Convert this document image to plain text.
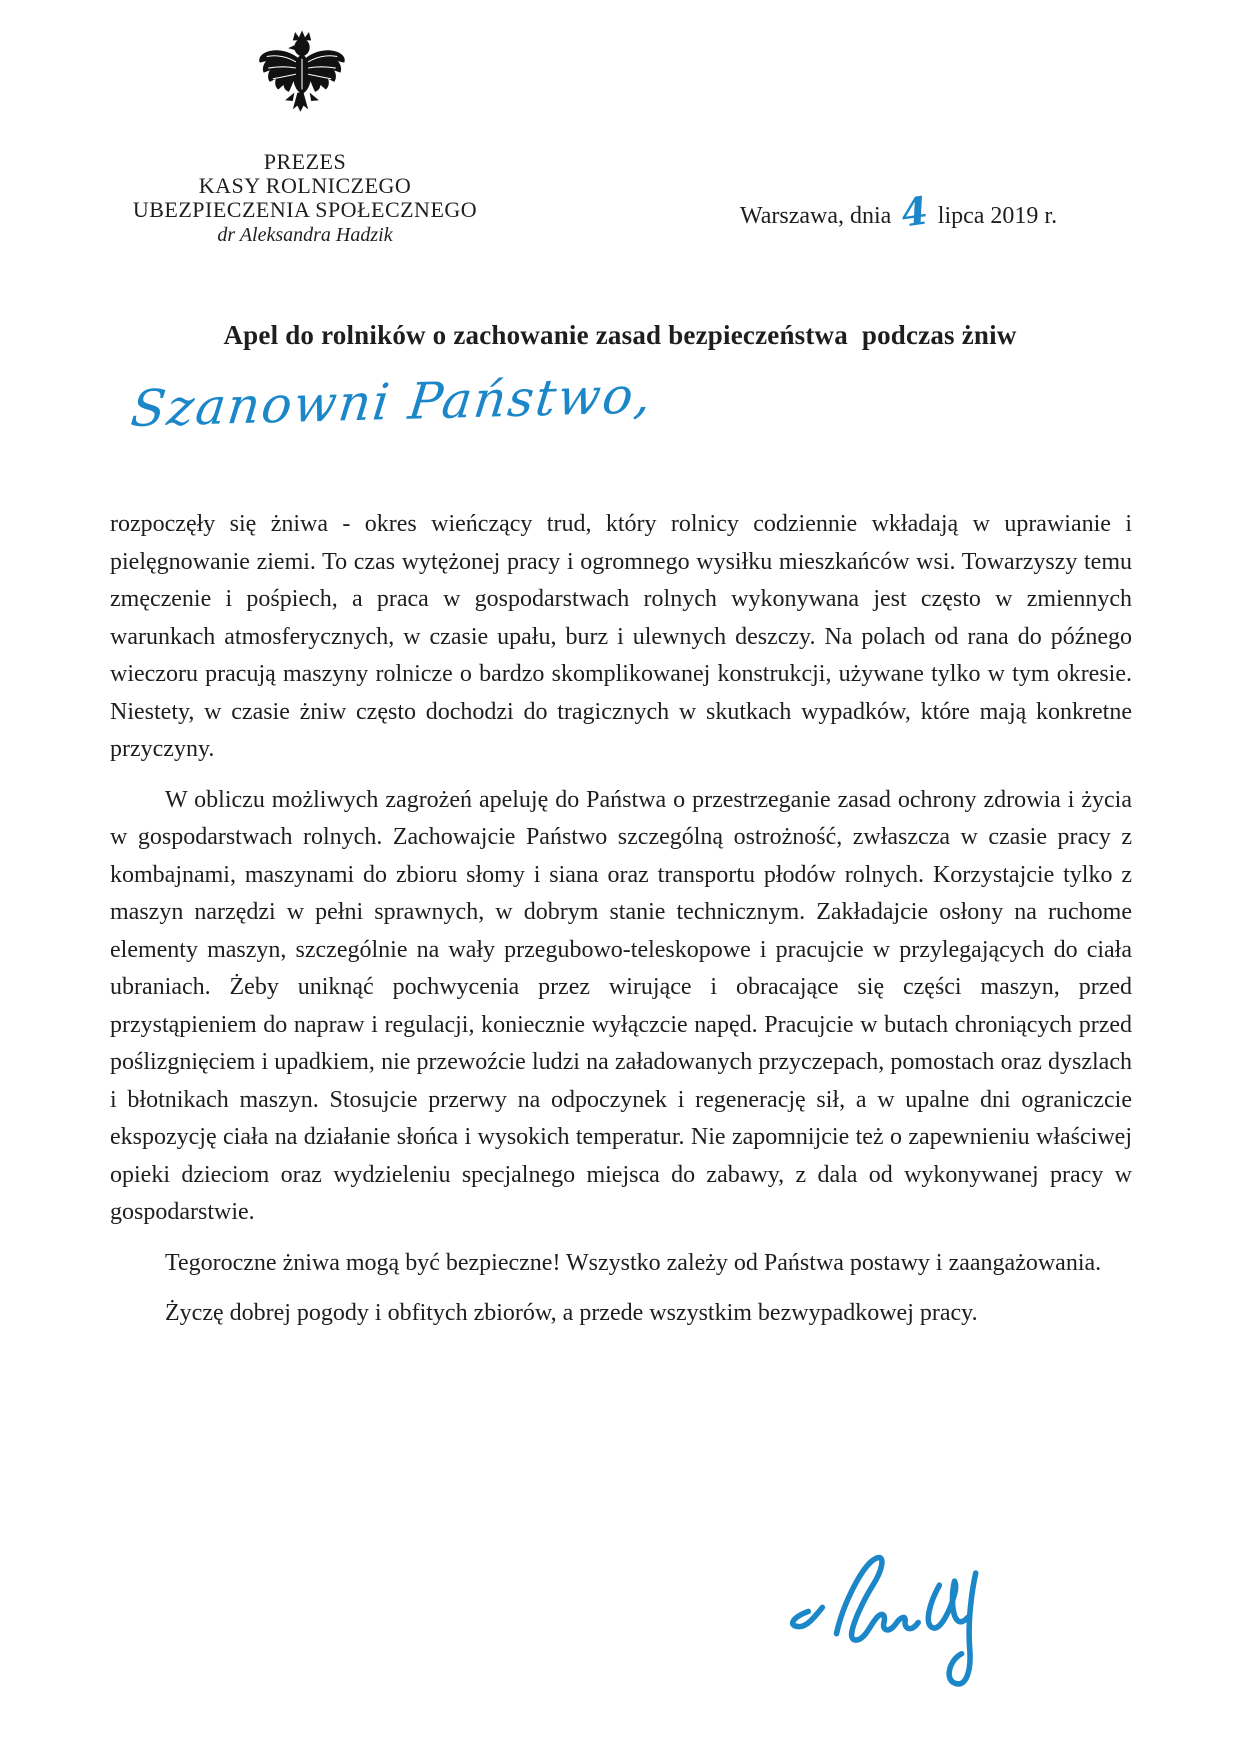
PREZES
KASY ROLNICZEGO
UBEZPIECZENIA SPOŁECZNEGO
dr Aleksandra Hadzik
Warszawa, dnia 4 lipca 2019 r.
Apel do rolników o zachowanie zasad bezpieczeństwa  podczas żniw
Szanowni Państwo,

rozpoczęły się żniwa - okres wieńczący trud, który rolnicy codziennie wkładają w uprawianie i pielęgnowanie ziemi. To czas wytężonej pracy i ogromnego wysiłku mieszkańców wsi. Towarzyszy temu zmęczenie i pośpiech, a praca w gospodarstwach rolnych wykonywana jest często w zmiennych warunkach atmosferycznych, w czasie upału, burz i ulewnych deszczy. Na polach od rana do późnego wieczoru pracują maszyny rolnicze o bardzo skomplikowanej konstrukcji, używane tylko w tym okresie. Niestety, w czasie żniw często dochodzi do tragicznych w skutkach wypadków, które mają konkretne przyczyny.

W obliczu możliwych zagrożeń apeluję do Państwa o przestrzeganie zasad ochrony zdrowia i życia w gospodarstwach rolnych. Zachowajcie Państwo szczególną ostrożność, zwłaszcza w czasie pracy z kombajnami, maszynami do zbioru słomy i siana oraz transportu płodów rolnych. Korzystajcie tylko z maszyn narzędzi w pełni sprawnych, w dobrym stanie technicznym. Zakładajcie osłony na ruchome elementy maszyn, szczególnie na wały przegubowo-teleskopowe i pracujcie w przylegających do ciała ubraniach. Żeby uniknąć pochwycenia przez wirujące i obracające się części maszyn, przed przystąpieniem do napraw i regulacji, koniecznie wyłączcie napęd. Pracujcie w butach chroniących przed poślizgnięciem i upadkiem, nie przewoźcie ludzi na załadowanych przyczepach, pomostach oraz dyszlach i błotnikach maszyn. Stosujcie przerwy na odpoczynek i regenerację sił, a w upalne dni ograniczcie ekspozycję ciała na działanie słońca i wysokich temperatur. Nie zapomnijcie też o zapewnieniu właściwej opieki dzieciom oraz wydzieleniu specjalnego miejsca do zabawy, z dala od wykonywanej pracy w gospodarstwie.

Tegoroczne żniwa mogą być bezpieczne! Wszystko zależy od Państwa postawy i zaangażowania.

Życzę dobrej pogody i obfitych zbiorów, a przede wszystkim bezwypadkowej pracy.
